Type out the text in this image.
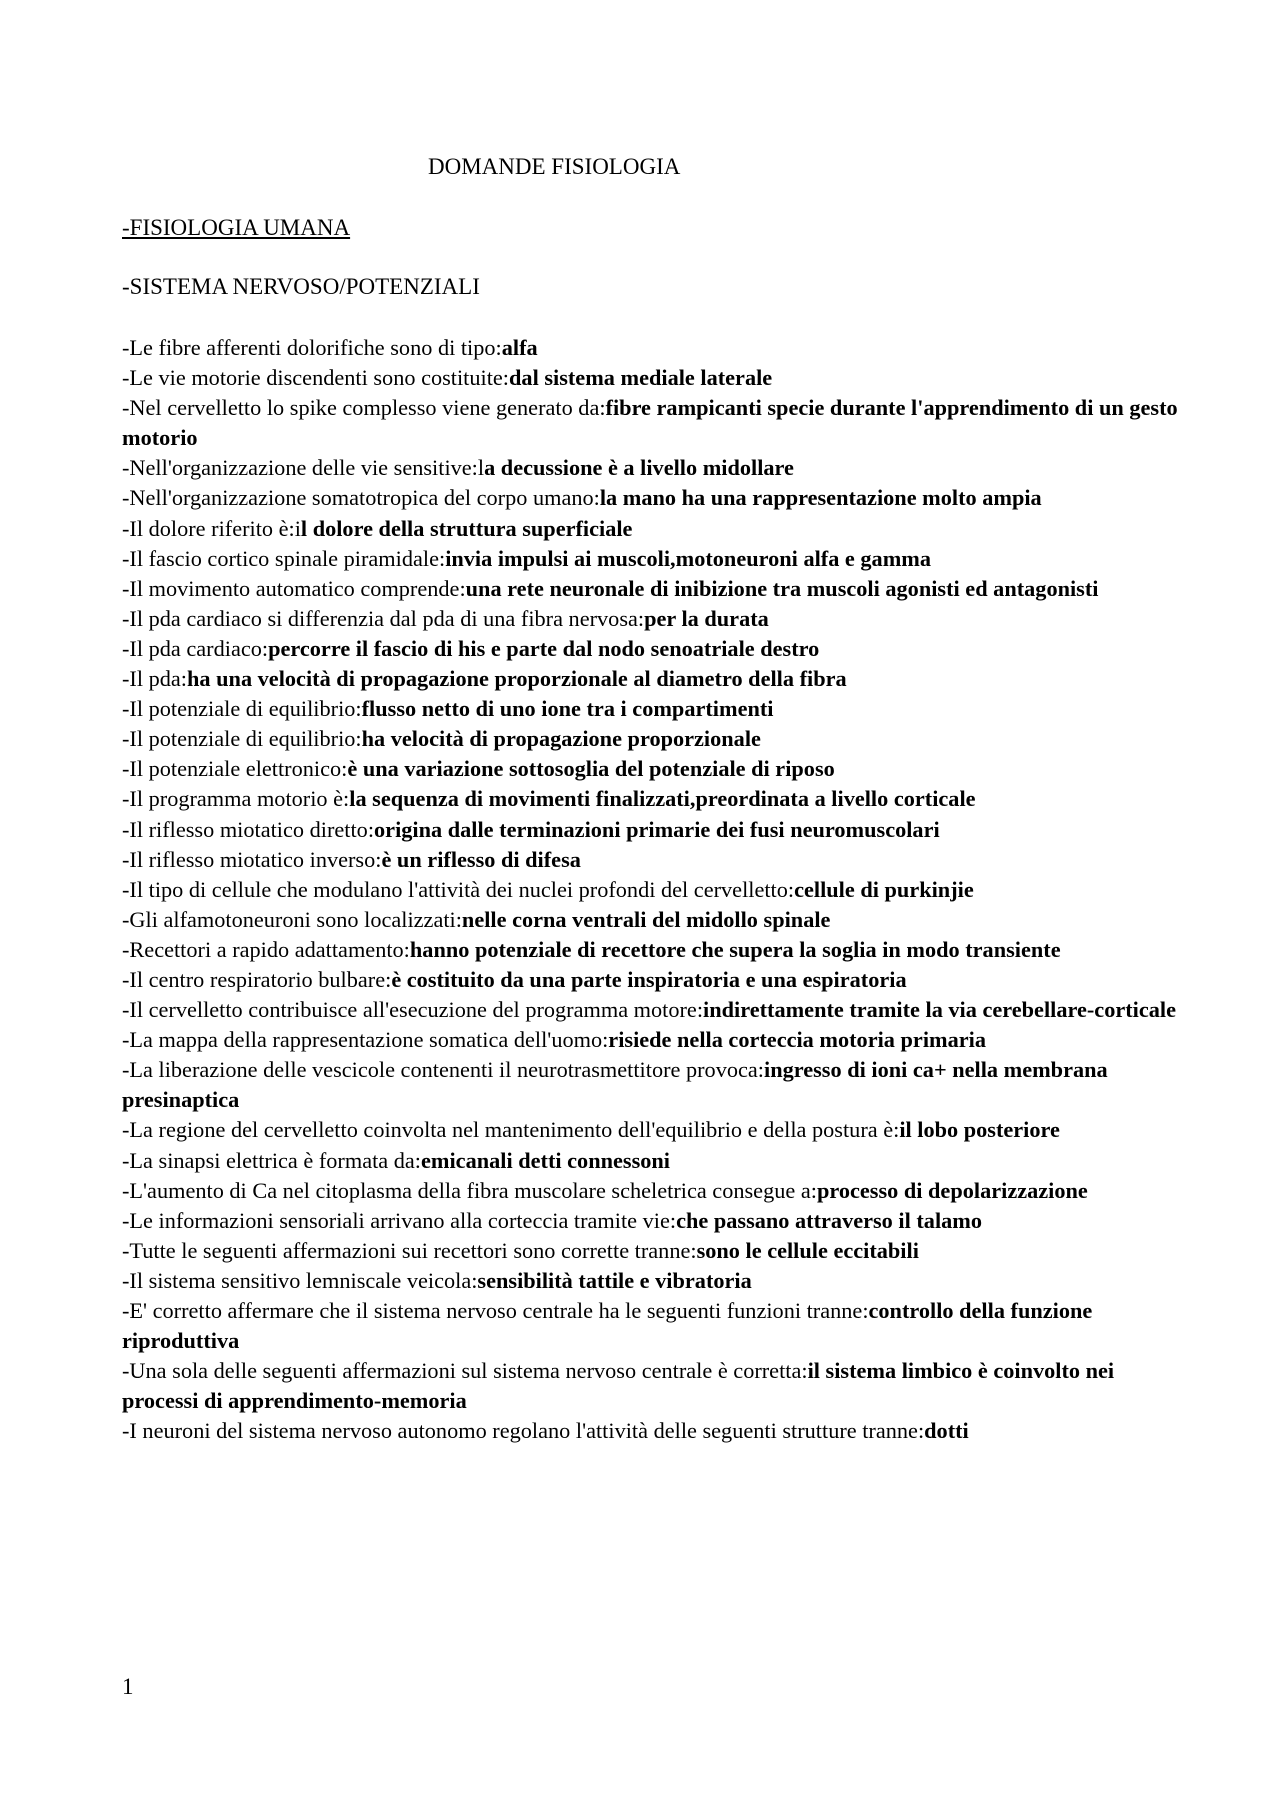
DOMANDE FISIOLOGIA
-FISIOLOGIA UMANA
-SISTEMA NERVOSO/POTENZIALI
-Le fibre afferenti dolorifiche sono di tipo:alfa
-Le vie motorie discendenti sono costituite:dal sistema mediale laterale
-Nel cervelletto lo spike complesso viene generato da:fibre rampicanti specie durante l'apprendimento di un gesto motorio
-Nell'organizzazione delle vie sensitive:la decussione è a livello midollare
-Nell'organizzazione somatotropica del corpo umano:la mano ha una rappresentazione molto ampia
-Il dolore riferito è:il dolore della struttura superficiale
-Il fascio cortico spinale piramidale:invia impulsi ai muscoli,motoneuroni alfa e gamma
-Il movimento automatico comprende:una rete neuronale di inibizione tra muscoli agonisti ed antagonisti
-Il pda cardiaco si differenzia dal pda di una fibra nervosa:per la durata
-Il pda cardiaco:percorre il fascio di his e parte dal nodo senoatriale destro
-Il pda:ha una velocità di propagazione proporzionale al diametro della fibra
-Il potenziale di equilibrio:flusso netto di uno ione tra i compartimenti
-Il potenziale di equilibrio:ha velocità di propagazione proporzionale
-Il potenziale elettronico:è una variazione sottosoglia del potenziale di riposo
-Il programma motorio è:la sequenza di movimenti finalizzati,preordinata a livello corticale
-Il riflesso miotatico diretto:origina dalle terminazioni primarie dei fusi neuromuscolari
-Il riflesso miotatico inverso:è un riflesso di difesa
-Il tipo di cellule che modulano l'attività dei nuclei profondi del cervelletto:cellule di purkinjie
-Gli alfamotoneuroni sono localizzati:nelle corna ventrali del midollo spinale
-Recettori a rapido adattamento:hanno potenziale di recettore che supera la soglia in modo transiente
-Il centro respiratorio bulbare:è costituito da una parte inspiratoria e una espiratoria
-Il cervelletto contribuisce all'esecuzione del programma motore:indirettamente tramite la via cerebellare-corticale
-La mappa della rappresentazione somatica dell'uomo:risiede nella corteccia motoria primaria
-La liberazione delle vescicole contenenti il neurotrasmettitore provoca:ingresso di ioni ca+ nella membrana presinaptica
-La regione del cervelletto coinvolta nel mantenimento dell'equilibrio e della postura è:il lobo posteriore
-La sinapsi elettrica è formata da:emicanali detti connessoni
-L'aumento di Ca nel citoplasma della fibra muscolare scheletrica consegue a:processo di depolarizzazione
-Le informazioni sensoriali arrivano alla corteccia tramite vie:che passano attraverso il talamo
-Tutte le seguenti affermazioni sui recettori sono corrette tranne:sono le cellule eccitabili
-Il sistema sensitivo lemniscale veicola:sensibilità tattile e vibratoria
-E' corretto affermare che il sistema nervoso centrale ha le seguenti funzioni tranne:controllo della funzione riproduttiva
-Una sola delle seguenti affermazioni sul sistema nervoso centrale è corretta:il sistema limbico è coinvolto nei processi di apprendimento-memoria
-I neuroni del sistema nervoso autonomo regolano l'attività delle seguenti strutture tranne:dotti
1
